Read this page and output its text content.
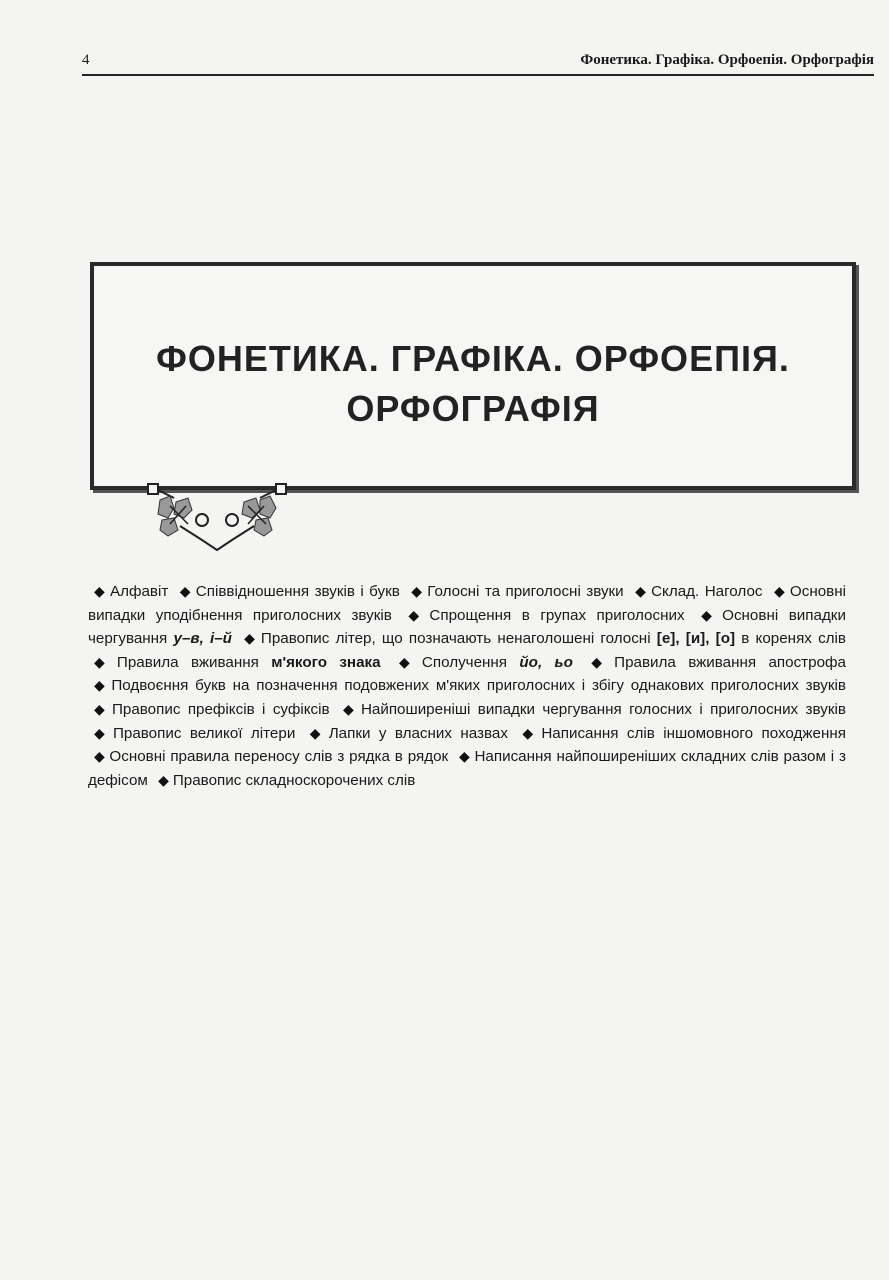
4	Фонетика. Графіка. Орфоепія. Орфографія
ФОНЕТИКА. ГРАФІКА. ОРФОЕПІЯ.
ОРФОГРАФІЯ
◆ Алфавіт ◆ Співвідношення звуків і букв ◆ Голосні та приголосні звуки ◆ Склад. Наголос ◆ Основні випадки уподібнення приголосних звуків ◆ Спрощення в групах приголосних ◆ Основні випадки чергування у–в, і–й ◆ Правопис літер, що позначають ненаголошені голосні [е], [и], [о] в коренях слів ◆ Правила вживання м'якого знака ◆ Сполучення йо, ьо ◆ Правила вживання апострофа ◆ Подвоєння букв на позначення подовжених м'яких приголосних і збігу однакових приголосних звуків ◆ Правопис префіксів і суфіксів ◆ Найпоширеніші випадки чергування голосних і приголосних звуків ◆ Правопис великої літери ◆ Лапки у власних назвах ◆ Написання слів іншомовного походження ◆ Основні правила переносу слів з рядка в рядок ◆ Написання найпоширеніших складних слів разом і з дефісом ◆ Правопис складноскорочених слів
